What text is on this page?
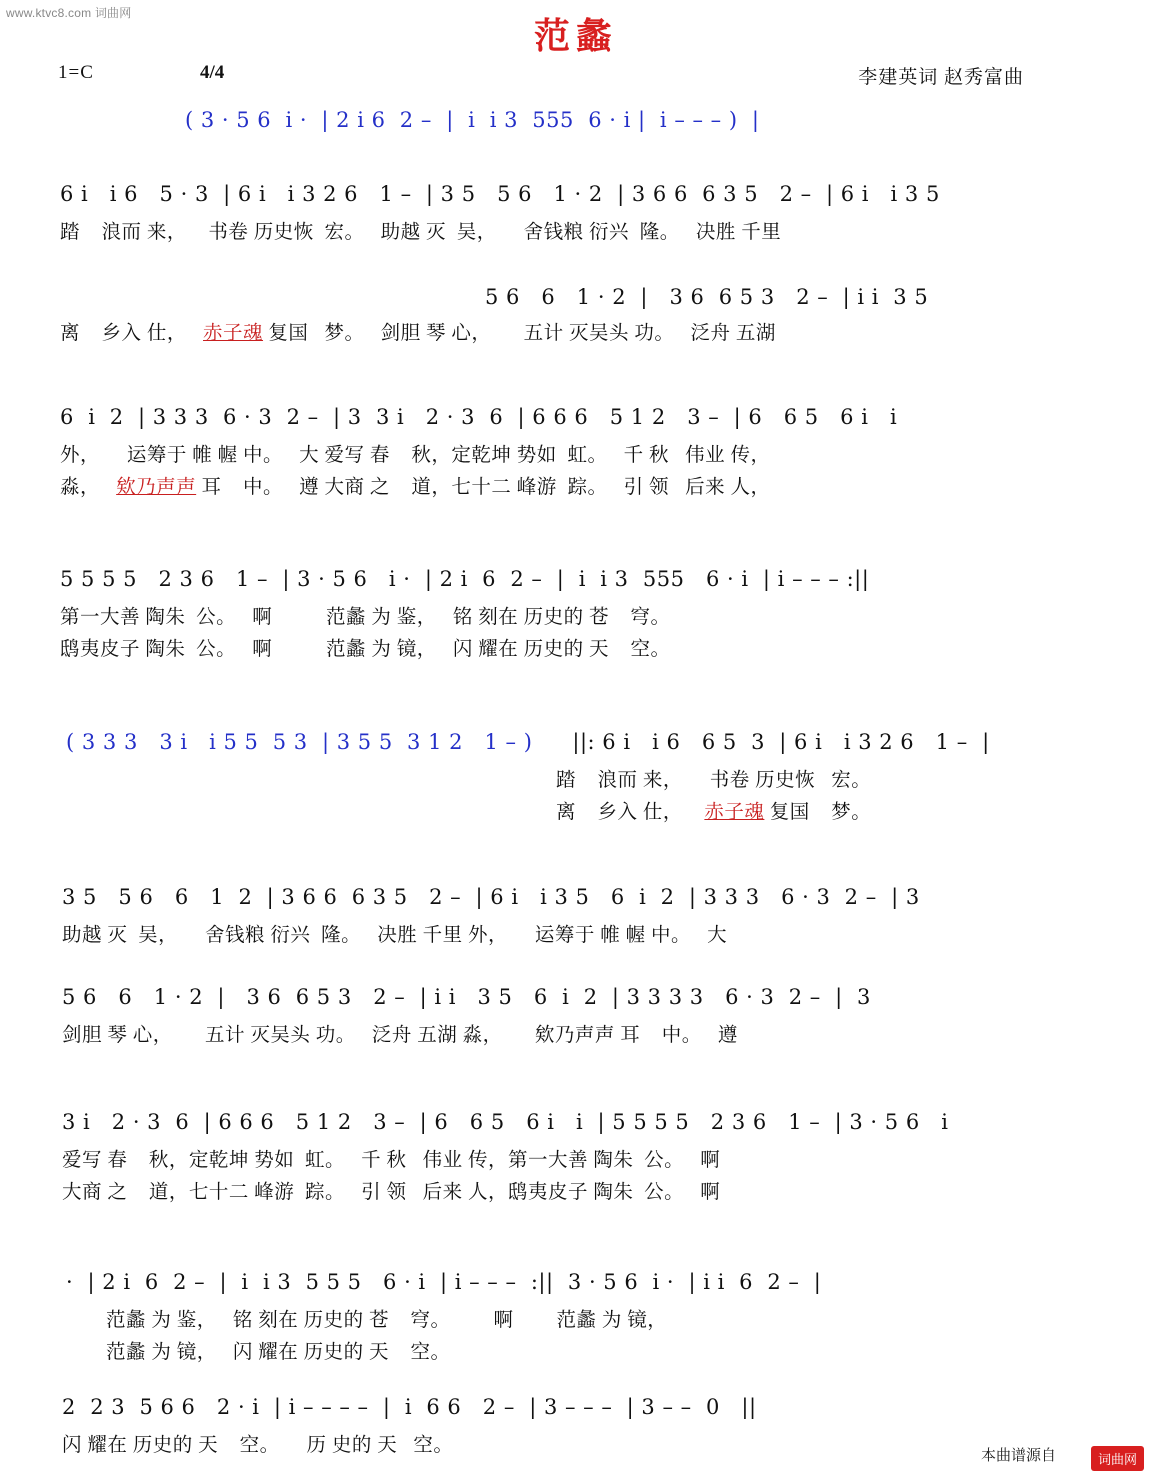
www.ktvc8.com 词曲网
范蠡
1=C	4/4	李建英词 赵秀富曲
( 3 · 5 6  i ·  | 2 i 6  2 –  |  i  i 3  555  6 · i |  i – – – )  |
6 i   i 6   5 · 3  | 6 i   i 3 2 6   1 –  | 3 5   5 6   1 · 2  | 3 6 6  6 3 5   2 –  | 6 i   i 3 5
踏    浪而 来，    书卷 历史恢  宏。   助越 灭  吴，     舍钱粮 衍兴  隆。   决胜 千里
5 6   6   1 · 2  |   3 6  6 5 3   2 –  | i i  3 5
离    乡入 仕，   赤子魂 复国   梦。   剑胆 琴 心，      五计 灭吴头 功。   泛舟 五湖
6  i  2  | 3 3 3  6 · 3  2 –  | 3  3 i   2 · 3  6  | 6 6 6   5 1 2   3 –  | 6   6 5   6 i   i
外，     运筹于 帷 幄 中。   大 爱写 春    秋，定乾坤 势如  虹。   千 秋   伟业 传，
淼，   欸乃声声 耳    中。   遵 大商 之    道，七十二 峰游  踪。   引 领   后来 人，
5 5 5 5   2 3 6   1 –  | 3 · 5 6   i ·  | 2 i  6  2 –  |  i  i 3  555   6 · i  | i – – – :||
第一大善 陶朱  公。   啊          范蠡 为 鉴，   铭 刻在 历史的 苍    穹。
鸱夷皮子 陶朱  公。   啊          范蠡 为 镜，   闪 耀在 历史的 天    空。
( 3 3 3   3 i   i 5 5  5 3  | 3 5 5  3 1 2   1 – ) ||: 6 i   i 6   6 5  3  | 6 i   i 3 2 6   1 –  |
踏    浪而 来，     书卷 历史恢   宏。
离    乡入 仕，    赤子魂 复国    梦。
3 5   5 6   6   1  2  | 3 6 6  6 3 5   2 –  | 6 i   i 3 5   6  i  2  | 3 3 3   6 · 3  2 –  | 3
助越 灭  吴，     舍钱粮 衍兴  隆。   决胜 千里 外，     运筹于 帷 幄 中。   大
5 6   6   1 · 2  |   3 6  6 5 3   2 –  | i i   3 5   6  i  2  | 3 3 3 3   6 · 3  2 –  |  3
剑胆 琴 心，      五计 灭吴头 功。   泛舟 五湖 淼，      欸乃声声 耳    中。   遵
3 i   2 · 3  6  | 6 6 6   5 1 2   3 –  | 6   6 5   6 i   i  | 5 5 5 5   2 3 6   1 –  | 3 · 5 6   i
爱写 春    秋，定乾坤 势如  虹。   千 秋   伟业 传，第一大善 陶朱  公。   啊
大商 之    道，七十二 峰游  踪。   引 领   后来 人，鸱夷皮子 陶朱  公。   啊
·  | 2 i  6  2 –  |  i  i 3  5 5 5   6 · i  | i – – –  :||  3 · 5 6  i ·  | i i  6  2 –  |
范蠡 为 鉴，   铭 刻在 历史的 苍    穹。        啊        范蠡 为 镜，
范蠡 为 镜，   闪 耀在 历史的 天    空。
2  2 3  5 6 6   2 · i  | i – – – –  |  i  6 6   2 –  | 3 – – –  | 3 – –  0   ||
闪 耀在 历史的 天    空。     历 史的 天   空。	本曲谱源自	词曲网
